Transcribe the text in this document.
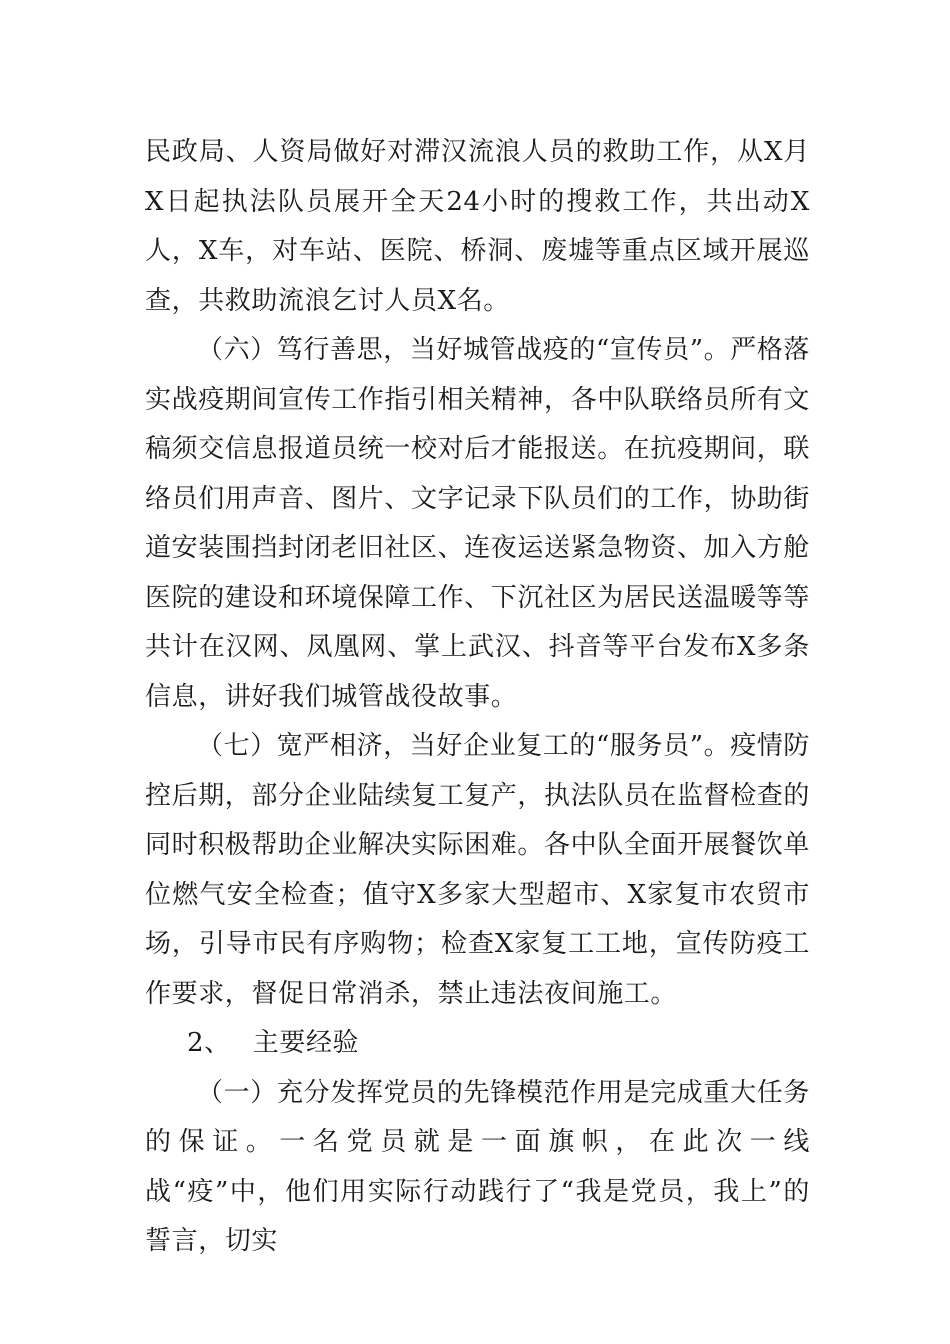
民政局、人资局做好对滞汉流浪人员的救助工作，从X月X日起执法队员展开全天24小时的搜救工作，共出动X人，X车，对车站、医院、桥洞、废墟等重点区域开展巡查，共救助流浪乞讨人员X名。

（六）笃行善思，当好城管战疫的“宣传员”。严格落实战疫期间宣传工作指引相关精神，各中队联络员所有文稿须交信息报道员统一校对后才能报送。在抗疫期间，联络员们用声音、图片、文字记录下队员们的工作，协助街道安装围挡封闭老旧社区、连夜运送紧急物资、加入方舱医院的建设和环境保障工作、下沉社区为居民送温暖等等共计在汉网、凤凰网、掌上武汉、抖音等平台发布X多条信息，讲好我们城管战役故事。

（七）宽严相济，当好企业复工的“服务员”。疫情防控后期，部分企业陆续复工复产，执法队员在监督检查的同时积极帮助企业解决实际困难。各中队全面开展餐饮单位燃气安全检查；值守X多家大型超市、X家复市农贸市场，引导市民有序购物；检查X家复工工地，宣传防疫工作要求，督促日常消杀，禁止违法夜间施工。

2、 主要经验

（一）充分发挥党员的先锋模范作用是完成重大任务的保证。一名党员就是一面旗帜，在此次一线战“疫”中，他们用实际行动践行了“我是党员，我上”的誓言，切实
